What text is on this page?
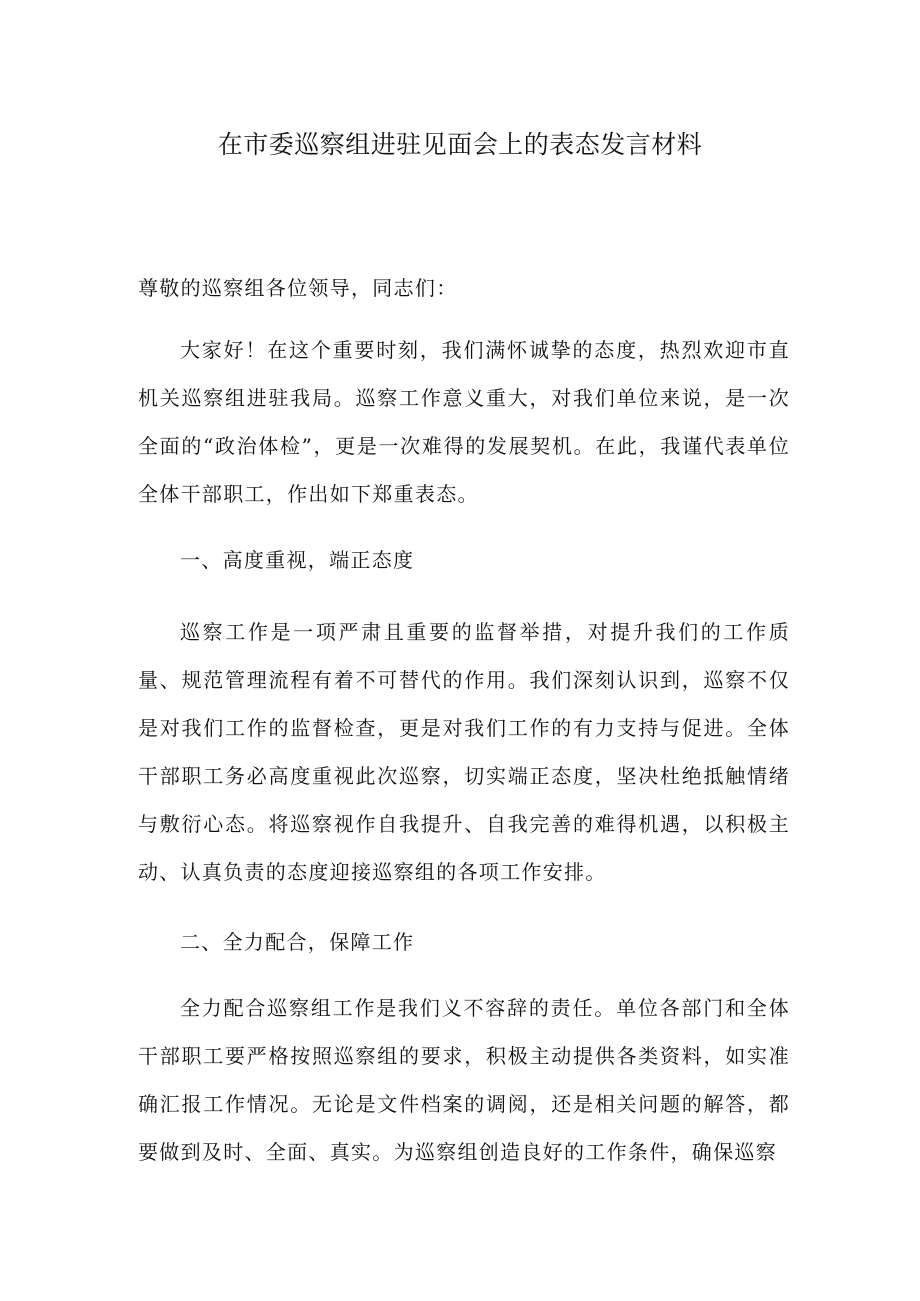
在市委巡察组进驻见面会上的表态发言材料

尊敬的巡察组各位领导，同志们：

大家好！在这个重要时刻，我们满怀诚挚的态度，热烈欢迎市直机关巡察组进驻我局。巡察工作意义重大，对我们单位来说，是一次全面的“政治体检”，更是一次难得的发展契机。在此，我谨代表单位全体干部职工，作出如下郑重表态。

一、高度重视，端正态度

巡察工作是一项严肃且重要的监督举措，对提升我们的工作质量、规范管理流程有着不可替代的作用。我们深刻认识到，巡察不仅是对我们工作的监督检查，更是对我们工作的有力支持与促进。全体干部职工务必高度重视此次巡察，切实端正态度，坚决杜绝抵触情绪与敷衍心态。将巡察视作自我提升、自我完善的难得机遇，以积极主动、认真负责的态度迎接巡察组的各项工作安排。

二、全力配合，保障工作

全力配合巡察组工作是我们义不容辞的责任。单位各部门和全体干部职工要严格按照巡察组的要求，积极主动提供各类资料，如实准确汇报工作情况。无论是文件档案的调阅，还是相关问题的解答，都要做到及时、全面、真实。为巡察组创造良好的工作条件，确保巡察
